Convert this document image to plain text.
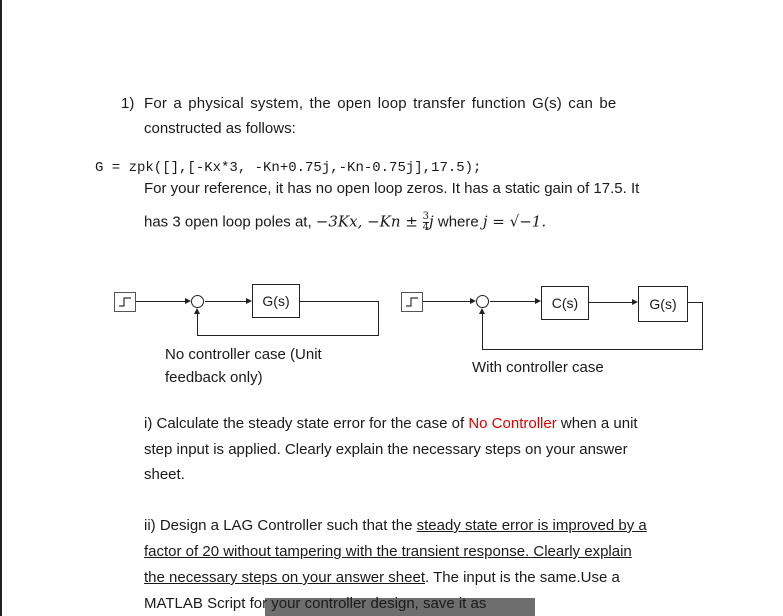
1) For a physical system, the open loop transfer function G(s) can be
constructed as follows:
G = zpk([],[-Kx*3, -Kn+0.75j,-Kn-0.75j],17.5);
For your reference, it has no open loop zeros. It has a static gain of 17.5. It
has 3 open loop poles at, −3Kx, $-Kn \pm \frac{3}{4}$ j where j = √−1.
G(s)
No controller case (Unit
feedback only)
C(s)	G(s)
With controller case
i) Calculate the steady state error for the case of No Controller when a unit
step input is applied. Clearly explain the necessary steps on your answer
sheet.
ii) Design a LAG Controller such that the steady state error is improved by a
factor of 20 without tampering with the transient response. Clearly explain
the necessary steps on your answer sheet. The input is the same.Use a
MATLAB Script for your controller design, save it as
